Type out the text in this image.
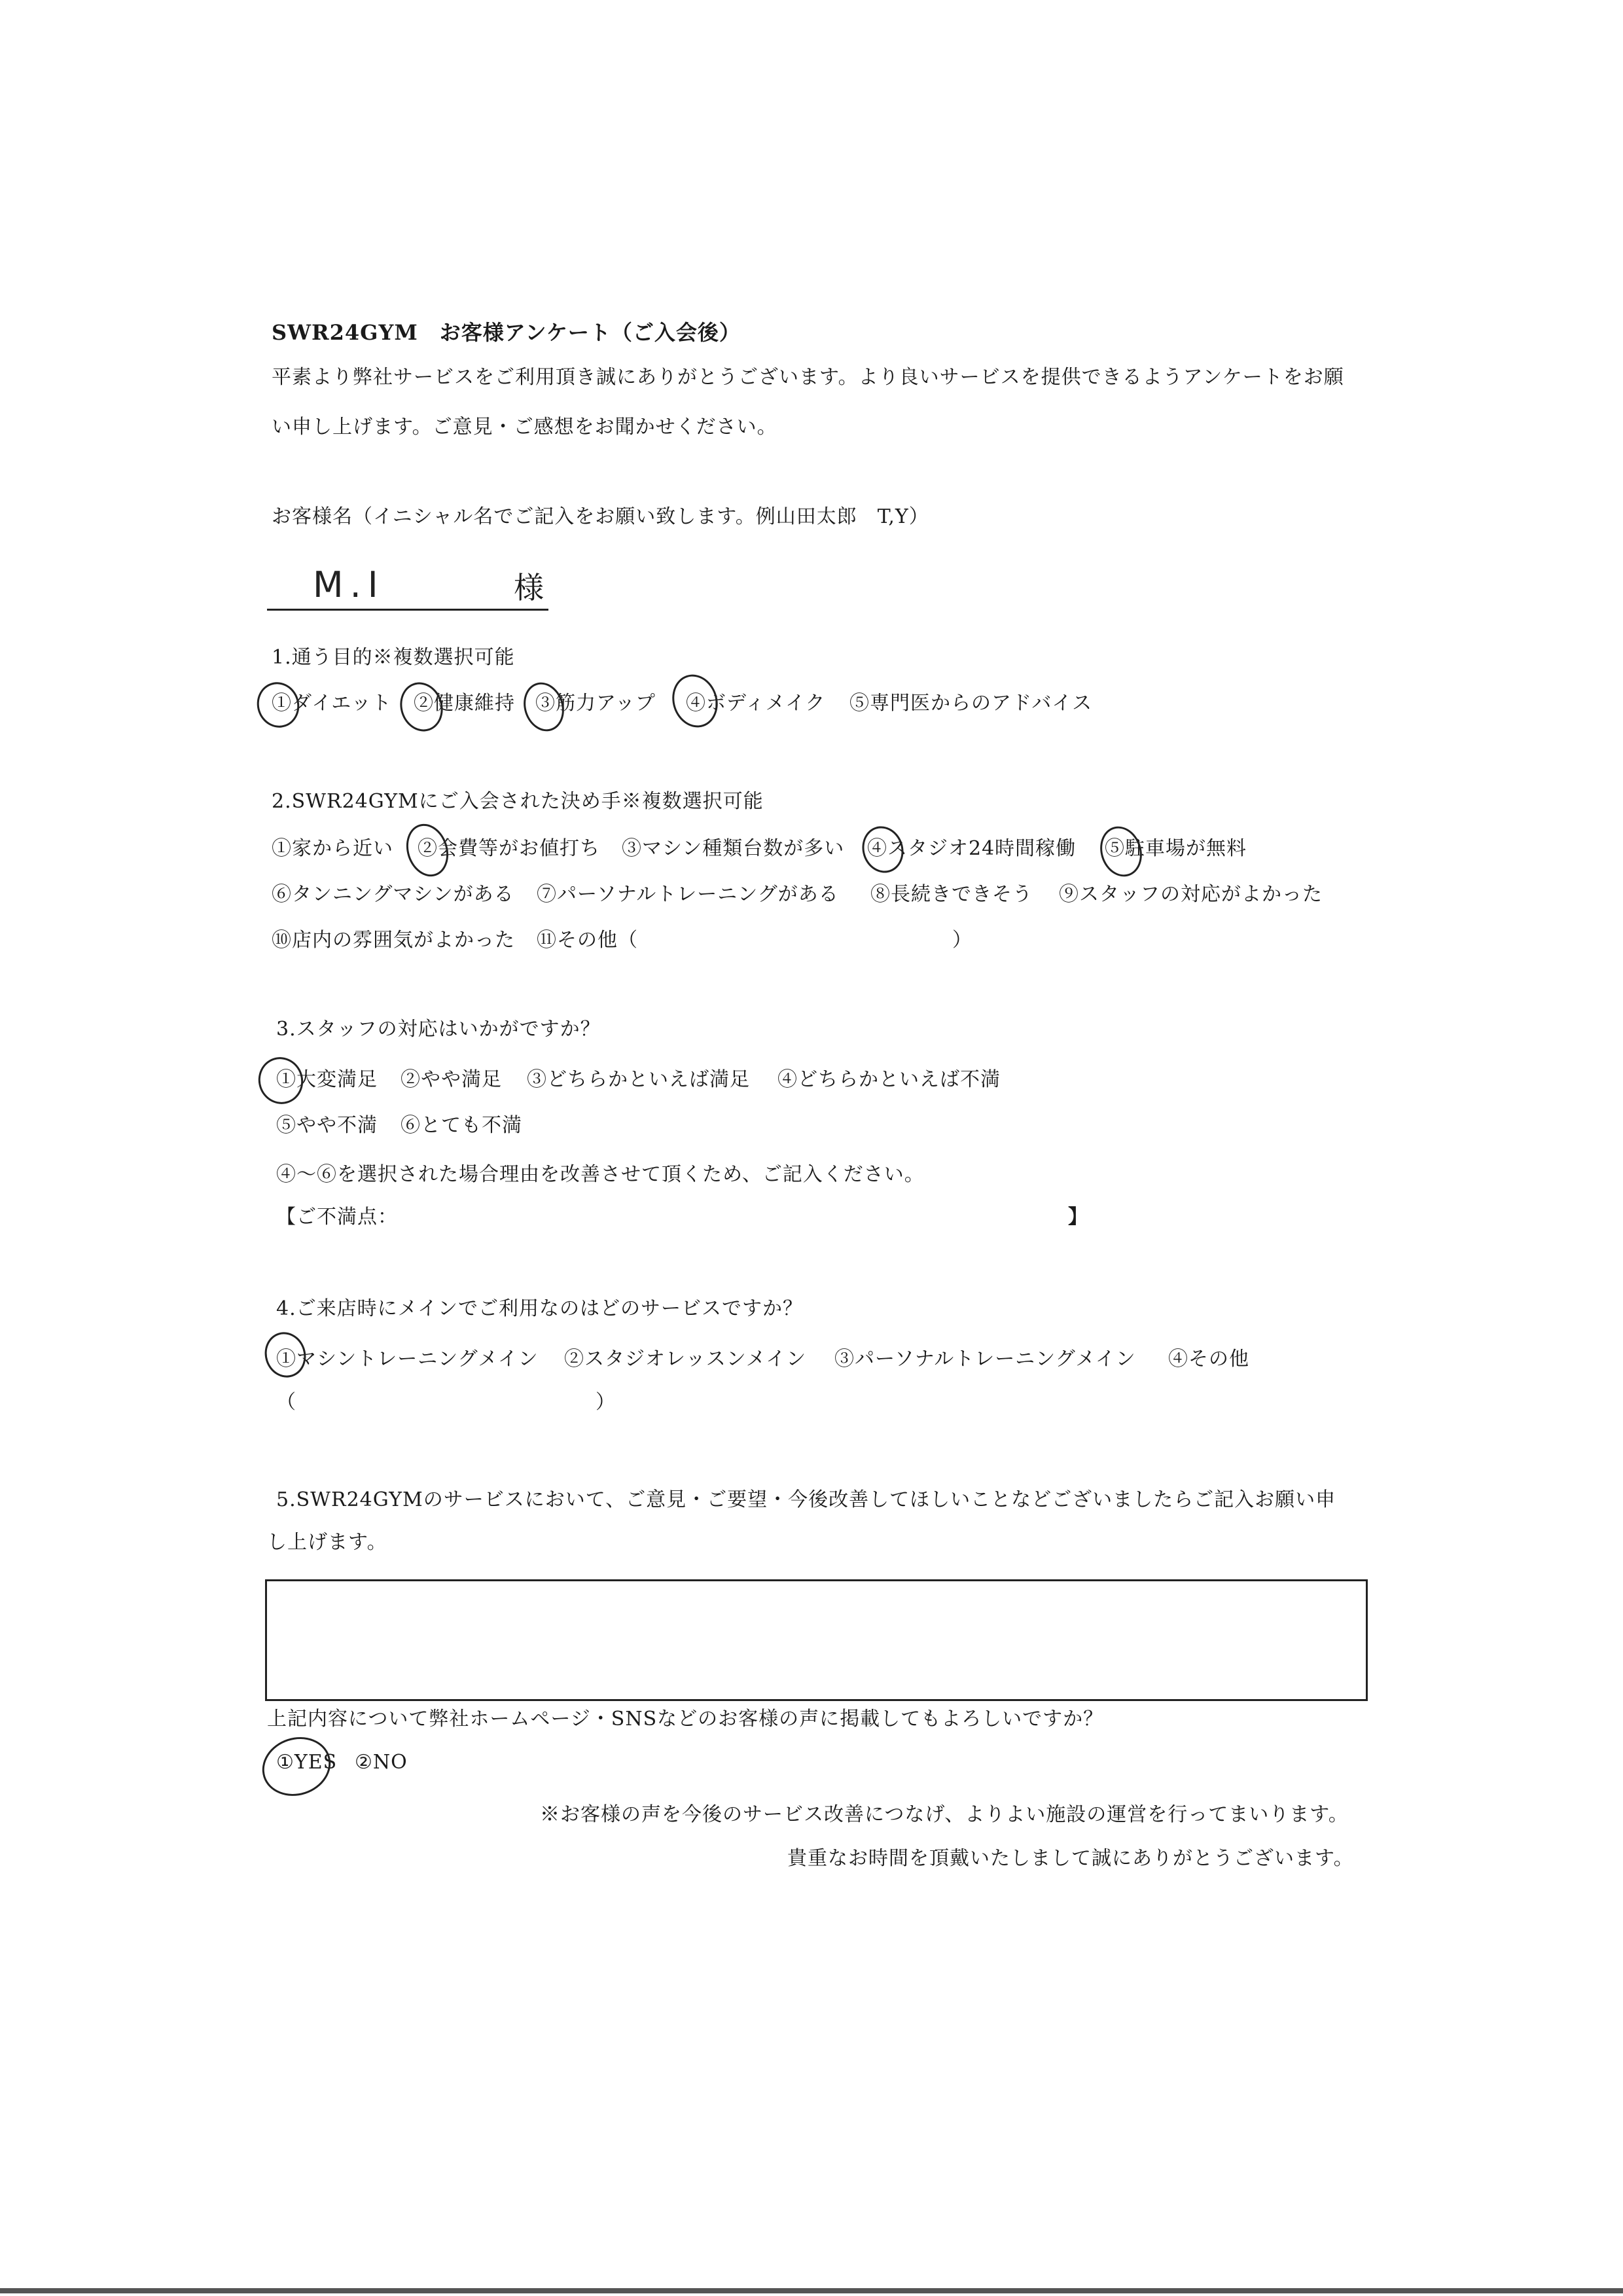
SWR24GYM　お客様アンケート（ご入会後）
平素より弊社サービスをご利用頂き誠にありがとうございます。より良いサービスを提供できるようアンケートをお願
い申し上げます。ご意見・ご感想をお聞かせください。
お客様名（イニシャル名でご記入をお願い致します。例山田太郎　T,Y）
M.I	様
1.通う目的※複数選択可能
①ダイエット ②健康維持 ③筋力アップ ④ボディメイク ⑤専門医からのアドバイス
2.SWR24GYMにご入会された決め手※複数選択可能
①家から近い ②会費等がお値打ち ③マシン種類台数が多い ④スタジオ24時間稼働 ⑤駐車場が無料
⑥タンニングマシンがある ⑦パーソナルトレーニングがある ⑧長続きできそう ⑨スタッフの対応がよかった
⑩店内の雰囲気がよかった ⑪その他（	）
3.スタッフの対応はいかがですか？
①大変満足 ②やや満足 ③どちらかといえば満足 ④どちらかといえば不満
⑤やや不満 ⑥とても不満
④～⑥を選択された場合理由を改善させて頂くため、ご記入ください。
【ご不満点：	】
4.ご来店時にメインでご利用なのはどのサービスですか？
①マシントレーニングメイン ②スタジオレッスンメイン ③パーソナルトレーニングメイン ④その他
（	）
5.SWR24GYMのサービスにおいて、ご意見・ご要望・今後改善してほしいことなどございましたらご記入お願い申
し上げます。
上記内容について弊社ホームページ・SNSなどのお客様の声に掲載してもよろしいですか？
①YES ②NO
※お客様の声を今後のサービス改善につなげ、よりよい施設の運営を行ってまいります。
貴重なお時間を頂戴いたしまして誠にありがとうございます。
